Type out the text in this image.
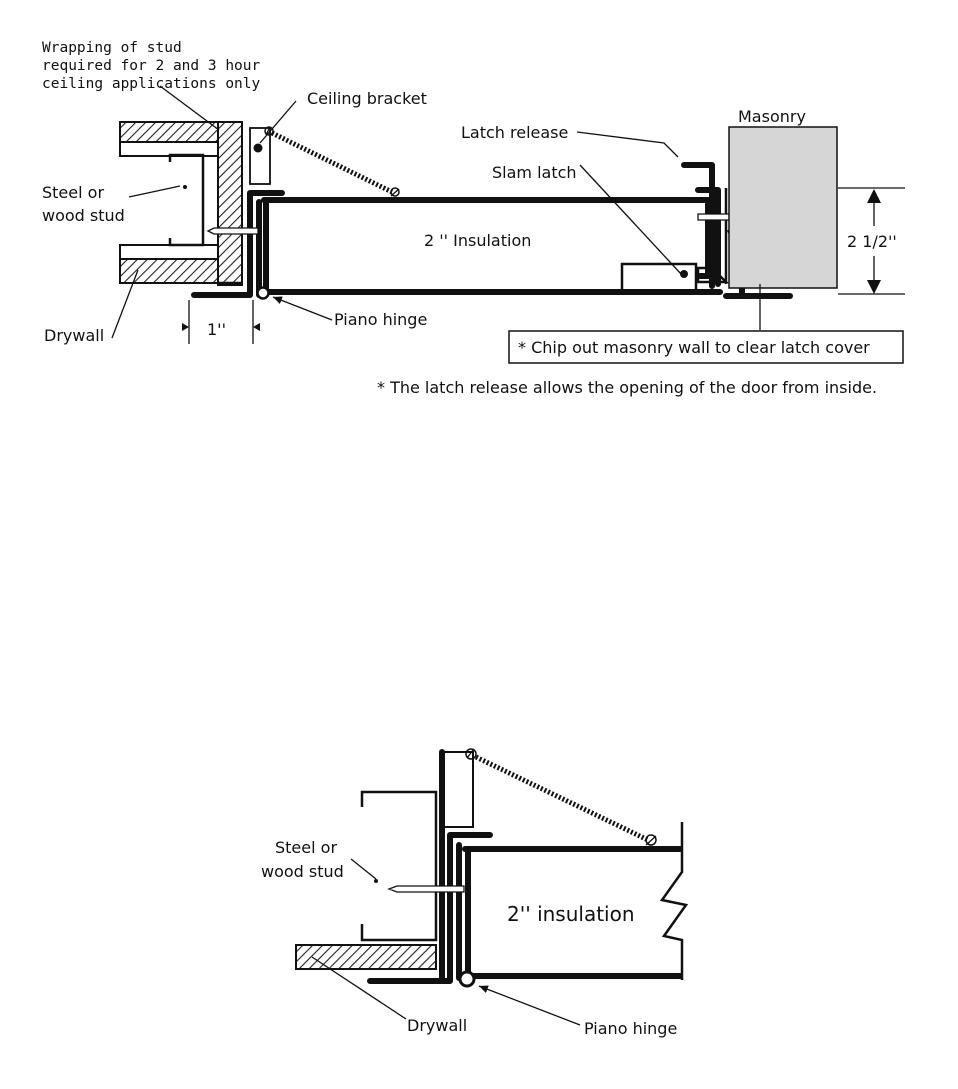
Wrapping of stud required for 2 and 3 hour ceiling applications only
Ceiling bracket
Steel or wood stud
Drywall	1''
Piano hinge
2 '' Insulation
Latch release
Slam latch
Masonry
2 1/2''
* Chip out masonry wall to clear latch cover
* The latch release allows the opening of the door from inside.
Steel or wood stud
2'' insulation
Drywall	Piano hinge
